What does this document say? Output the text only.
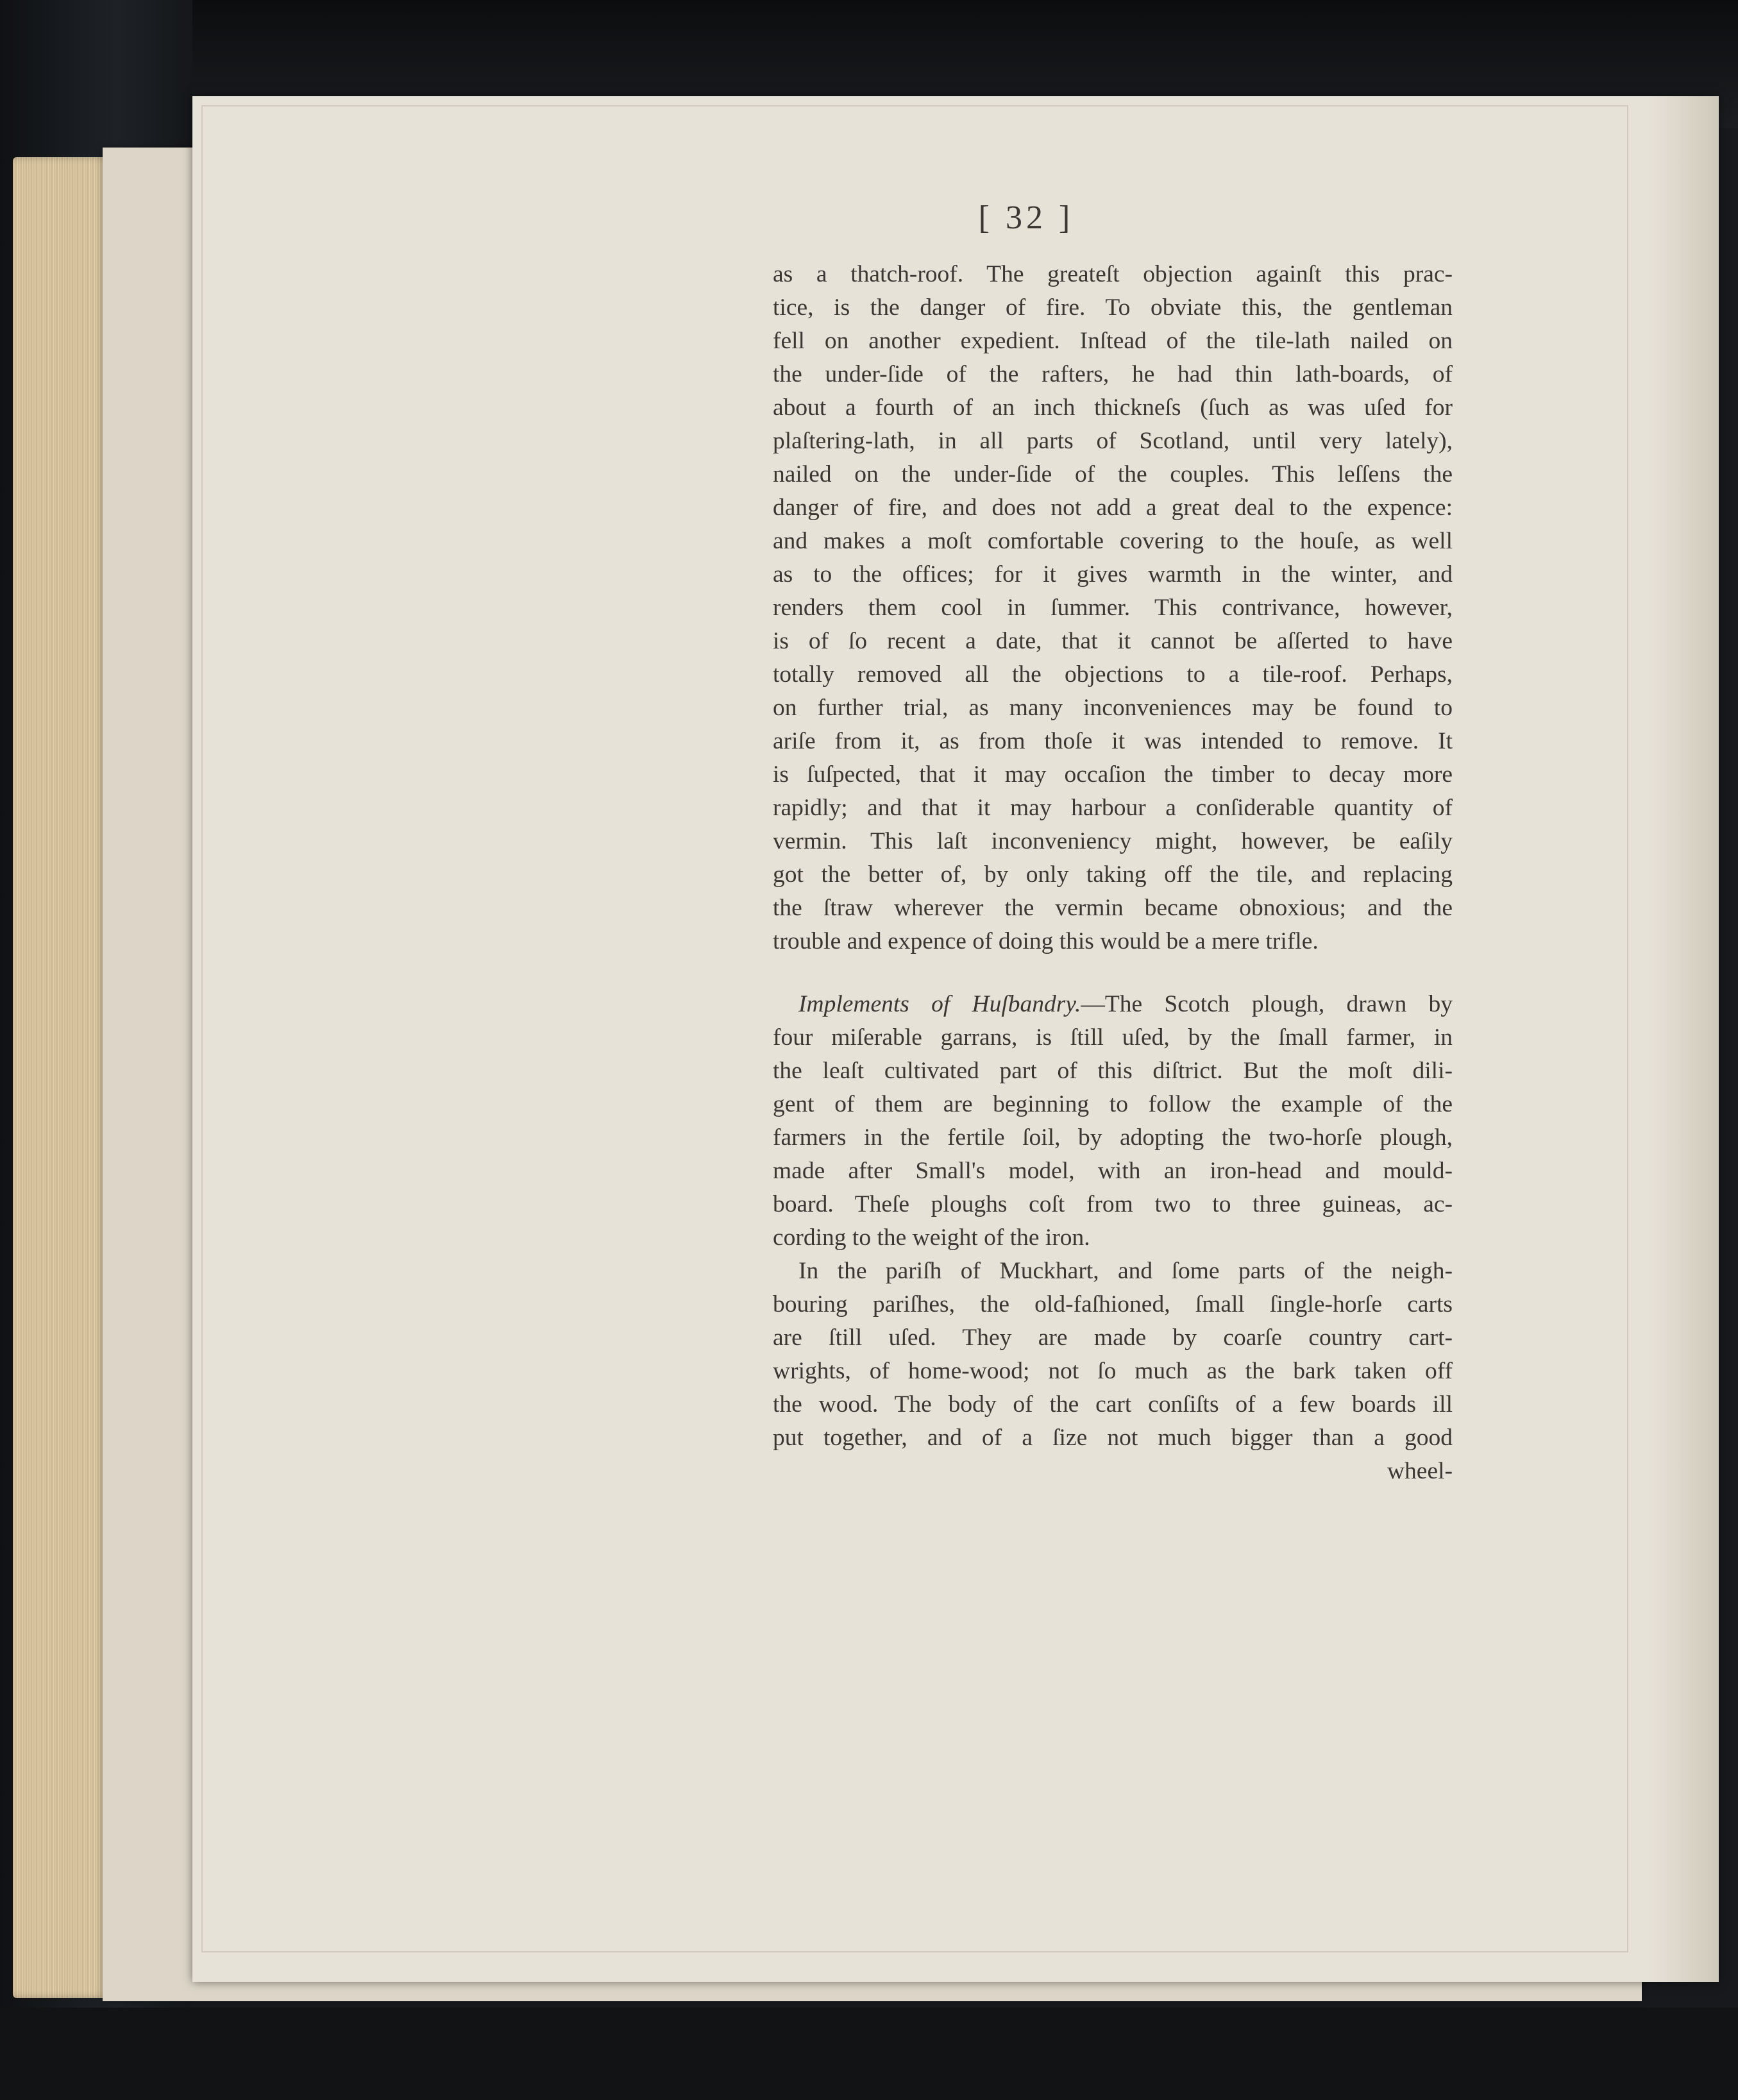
[ 32 ]
as a thatch-roof. The greateſt objection againſt this prac-
tice, is the danger of fire. To obviate this, the gentleman
fell on another expedient. Inſtead of the tile-lath nailed on
the under-ſide of the rafters, he had thin lath-boards, of
about a fourth of an inch thickneſs (ſuch as was uſed for
plaſtering-lath, in all parts of Scotland, until very lately),
nailed on the under-ſide of the couples. This leſſens the
danger of fire, and does not add a great deal to the expence:
and makes a moſt comfortable covering to the houſe, as well
as to the offices; for it gives warmth in the winter, and
renders them cool in ſummer. This contrivance, however,
is of ſo recent a date, that it cannot be aſſerted to have
totally removed all the objections to a tile-roof. Perhaps,
on further trial, as many inconveniences may be found to
ariſe from it, as from thoſe it was intended to remove. It
is ſuſpected, that it may occaſion the timber to decay more
rapidly; and that it may harbour a conſiderable quantity of
vermin. This laſt inconveniency might, however, be eaſily
got the better of, by only taking off the tile, and replacing
the ſtraw wherever the vermin became obnoxious; and the
trouble and expence of doing this would be a mere trifle.
Implements of Huſbandry.—The Scotch plough, drawn by
four miſerable garrans, is ſtill uſed, by the ſmall farmer, in
the leaſt cultivated part of this diſtrict. But the moſt dili-
gent of them are beginning to follow the example of the
farmers in the fertile ſoil, by adopting the two-horſe plough,
made after Small's model, with an iron-head and mould-
board. Theſe ploughs coſt from two to three guineas, ac-
cording to the weight of the iron.
In the pariſh of Muckhart, and ſome parts of the neigh-
bouring pariſhes, the old-faſhioned, ſmall ſingle-horſe carts
are ſtill uſed. They are made by coarſe country cart-
wrights, of home-wood; not ſo much as the bark taken off
the wood. The body of the cart conſiſts of a few boards ill
put together, and of a ſize not much bigger than a good
wheel-
